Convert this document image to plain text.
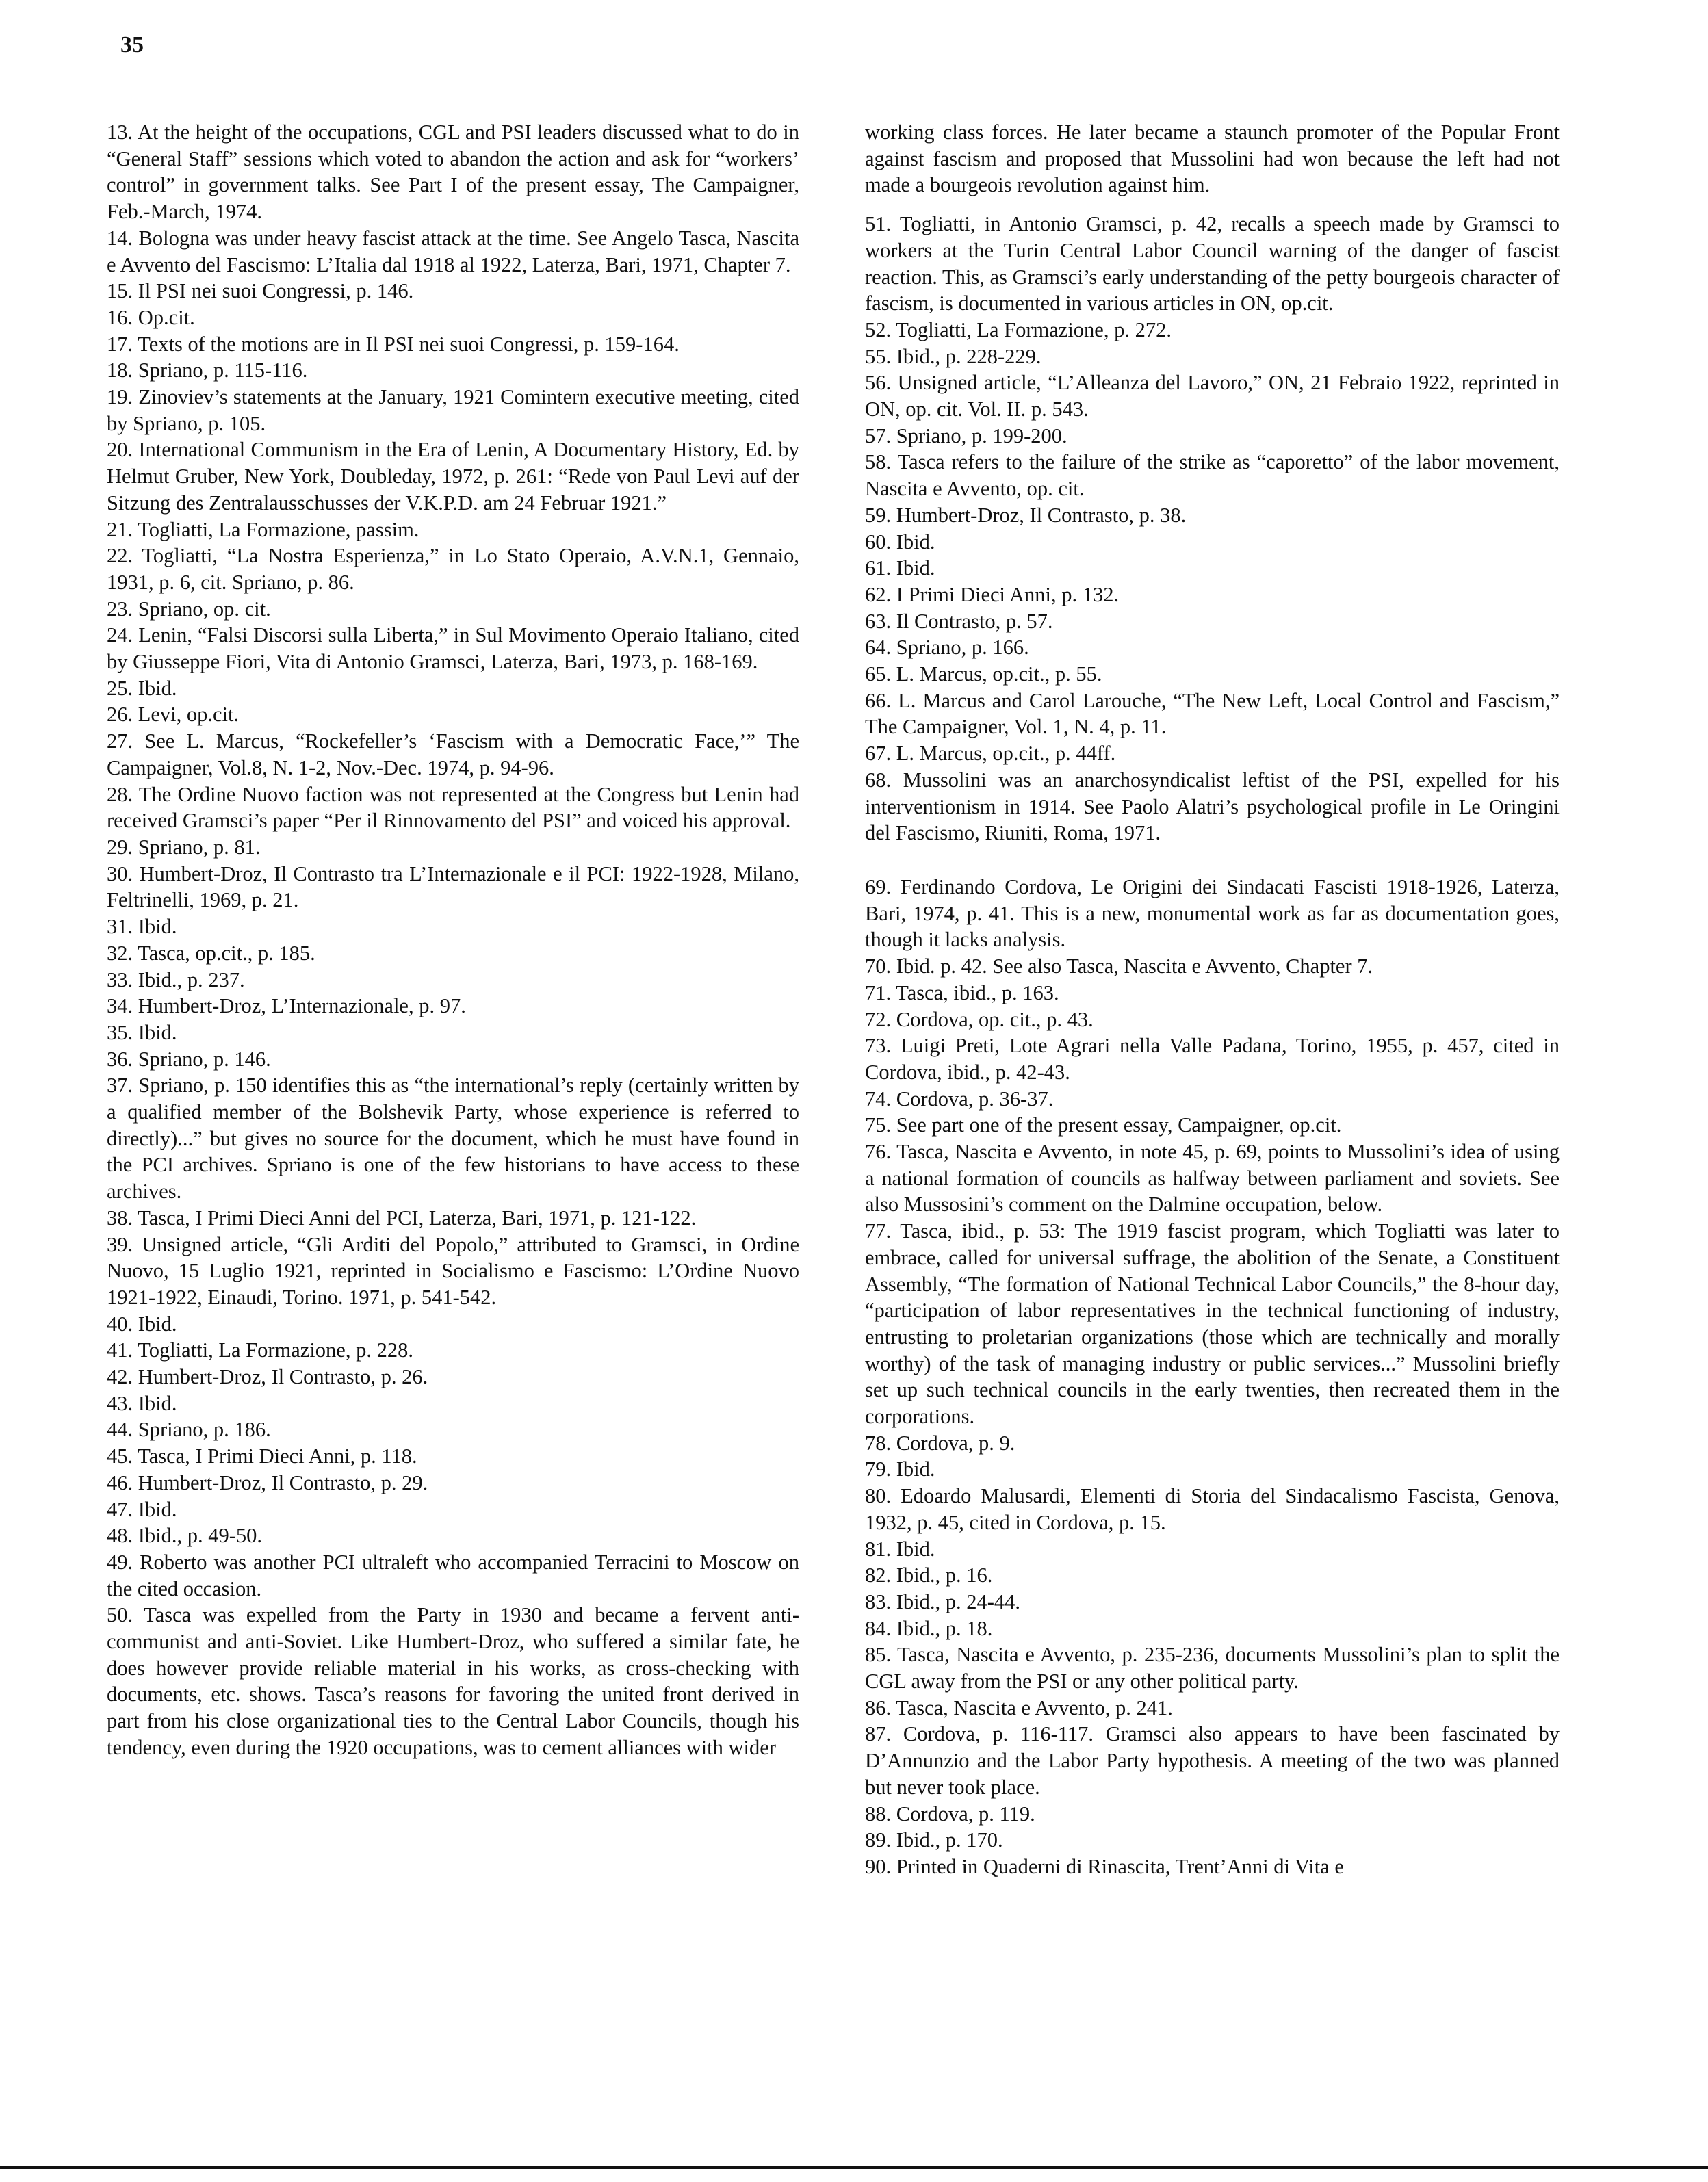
35

13. At the height of the occupations, CGL and PSI leaders discussed what to do in “General Staff” sessions which voted to abandon the action and ask for “workers’ control” in government talks. See Part I of the present essay, The Campaigner, Feb.-March, 1974.

14. Bologna was under heavy fascist attack at the time. See Angelo Tasca, Nascita e Avvento del Fascismo: L’Italia dal 1918 al 1922, Laterza, Bari, 1971, Chapter 7.

15. Il PSI nei suoi Congressi, p. 146.

16. Op.cit.

17. Texts of the motions are in Il PSI nei suoi Congressi, p. 159-164.

18. Spriano, p. 115-116.

19. Zinoviev’s statements at the January, 1921 Comintern executive meeting, cited by Spriano, p. 105.

20. International Communism in the Era of Lenin, A Documentary History, Ed. by Helmut Gruber, New York, Doubleday, 1972, p. 261: “Rede von Paul Levi auf der Sitzung des Zentralausschusses der V.K.P.D. am 24 Februar 1921.”

21. Togliatti, La Formazione, passim.

22. Togliatti, “La Nostra Esperienza,” in Lo Stato Operaio, A.V.N.1, Gennaio, 1931, p. 6, cit. Spriano, p. 86.

23. Spriano, op. cit.

24. Lenin, “Falsi Discorsi sulla Liberta,” in Sul Movimento Operaio Italiano, cited by Giusseppe Fiori, Vita di Antonio Gramsci, Laterza, Bari, 1973, p. 168-169.

25. Ibid.

26. Levi, op.cit.

27. See L. Marcus, “Rockefeller’s ‘Fascism with a Democratic Face,’” The Campaigner, Vol.8, N. 1-2, Nov.-Dec. 1974, p. 94-96.

28. The Ordine Nuovo faction was not represented at the Congress but Lenin had received Gramsci’s paper “Per il Rinnovamento del PSI” and voiced his approval.

29. Spriano, p. 81.

30. Humbert-Droz, Il Contrasto tra L’Internazionale e il PCI: 1922-1928, Milano, Feltrinelli, 1969, p. 21.

31. Ibid.

32. Tasca, op.cit., p. 185.

33. Ibid., p. 237.

34. Humbert-Droz, L’Internazionale, p. 97.

35. Ibid.

36. Spriano, p. 146.

37. Spriano, p. 150 identifies this as “the international’s reply (certainly written by a qualified member of the Bolshevik Party, whose experience is referred to directly)...” but gives no source for the document, which he must have found in the PCI archives. Spriano is one of the few historians to have access to these archives.

38. Tasca, I Primi Dieci Anni del PCI, Laterza, Bari, 1971, p. 121-122.

39. Unsigned article, “Gli Arditi del Popolo,” attributed to Gramsci, in Ordine Nuovo, 15 Luglio 1921, reprinted in Socialismo e Fascismo: L’Ordine Nuovo 1921-1922, Einaudi, Torino. 1971, p. 541-542.

40. Ibid.

41. Togliatti, La Formazione, p. 228.

42. Humbert-Droz, Il Contrasto, p. 26.

43. Ibid.

44. Spriano, p. 186.

45. Tasca, I Primi Dieci Anni, p. 118.

46. Humbert-Droz, Il Contrasto, p. 29.

47. Ibid.

48. Ibid., p. 49-50.

49. Roberto was another PCI ultraleft who accompanied Terracini to Moscow on the cited occasion.

50. Tasca was expelled from the Party in 1930 and became a fervent anti-communist and anti-Soviet. Like Humbert-Droz, who suffered a similar fate, he does however provide reliable material in his works, as cross-checking with documents, etc. shows. Tasca’s reasons for favoring the united front derived in part from his close organizational ties to the Central Labor Councils, though his tendency, even during the 1920 occupations, was to cement alliances with wider

working class forces. He later became a staunch promoter of the Popular Front against fascism and proposed that Mussolini had won because the left had not made a bourgeois revolution against him.

51. Togliatti, in Antonio Gramsci, p. 42, recalls a speech made by Gramsci to workers at the Turin Central Labor Council warning of the danger of fascist reaction. This, as Gramsci’s early understanding of the petty bourgeois character of fascism, is documented in various articles in ON, op.cit.

52. Togliatti, La Formazione, p. 272.

55. Ibid., p. 228-229.

56. Unsigned article, “L’Alleanza del Lavoro,” ON, 21 Febraio 1922, reprinted in ON, op. cit. Vol. II. p. 543.

57. Spriano, p. 199-200.

58. Tasca refers to the failure of the strike as “caporetto” of the labor movement, Nascita e Avvento, op. cit.

59. Humbert-Droz, Il Contrasto, p. 38.

60. Ibid.

61. Ibid.

62. I Primi Dieci Anni, p. 132.

63. Il Contrasto, p. 57.

64. Spriano, p. 166.

65. L. Marcus, op.cit., p. 55.

66. L. Marcus and Carol Larouche, “The New Left, Local Control and Fascism,” The Campaigner, Vol. 1, N. 4, p. 11.

67. L. Marcus, op.cit., p. 44ff.

68. Mussolini was an anarchosyndicalist leftist of the PSI, expelled for his interventionism in 1914. See Paolo Alatri’s psychological profile in Le Oringini del Fascismo, Riuniti, Roma, 1971.

69. Ferdinando Cordova, Le Origini dei Sindacati Fascisti 1918-1926, Laterza, Bari, 1974, p. 41. This is a new, monumental work as far as documentation goes, though it lacks analysis.

70. Ibid. p. 42. See also Tasca, Nascita e Avvento, Chapter 7.

71. Tasca, ibid., p. 163.

72. Cordova, op. cit., p. 43.

73. Luigi Preti, Lote Agrari nella Valle Padana, Torino, 1955, p. 457, cited in Cordova, ibid., p. 42-43.

74. Cordova, p. 36-37.

75. See part one of the present essay, Campaigner, op.cit.

76. Tasca, Nascita e Avvento, in note 45, p. 69, points to Mussolini’s idea of using a national formation of councils as halfway between parliament and soviets. See also Mussosini’s comment on the Dalmine occupation, below.

77. Tasca, ibid., p. 53: The 1919 fascist program, which Togliatti was later to embrace, called for universal suffrage, the abolition of the Senate, a Constituent Assembly, “The formation of National Technical Labor Councils,” the 8-hour day, “participation of labor representatives in the technical functioning of industry, entrusting to proletarian organizations (those which are technically and morally worthy) of the task of managing industry or public services...” Mussolini briefly set up such technical councils in the early twenties, then recreated them in the corporations.

78. Cordova, p. 9.

79. Ibid.

80. Edoardo Malusardi, Elementi di Storia del Sindacalismo Fascista, Genova, 1932, p. 45, cited in Cordova, p. 15.

81. Ibid.

82. Ibid., p. 16.

83. Ibid., p. 24-44.

84. Ibid., p. 18.

85. Tasca, Nascita e Avvento, p. 235-236, documents Mussolini’s plan to split the CGL away from the PSI or any other political party.

86. Tasca, Nascita e Avvento, p. 241.

87. Cordova, p. 116-117. Gramsci also appears to have been fascinated by D’Annunzio and the Labor Party hypothesis. A meeting of the two was planned but never took place.

88. Cordova, p. 119.

89. Ibid., p. 170.

90. Printed in Quaderni di Rinascita, Trent’Anni di Vita e
